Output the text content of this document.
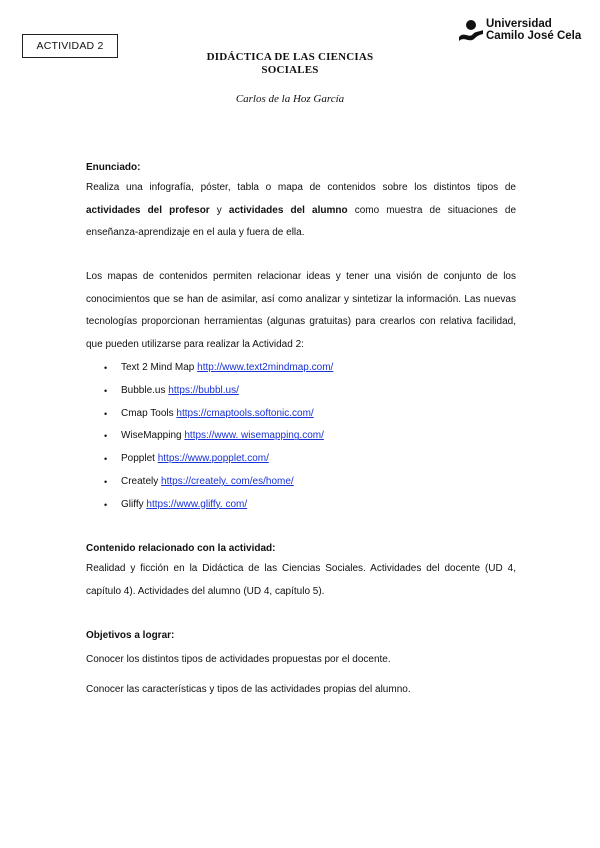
ACTIVIDAD 2
Universidad
Camilo José Cela
DIDÁCTICA DE LAS CIENCIAS
SOCIALES
Carlos de la Hoz García
Enunciado:
Realiza una infografía, póster, tabla o mapa de contenidos sobre los distintos tipos de actividades del profesor y actividades del alumno como muestra de situaciones de enseñanza-aprendizaje en el aula y fuera de ella.
Los mapas de contenidos permiten relacionar ideas y tener una visión de conjunto de los conocimientos que se han de asimilar, así como analizar y sintetizar la información. Las nuevas tecnologías proporcionan herramientas (algunas gratuitas) para crearlos con relativa facilidad, que pueden utilizarse para realizar la Actividad 2:
• Text 2 Mind Map http://www.text2mindmap.com/
• Bubble.us https://bubbl.us/
• Cmap Tools https://cmaptools.softonic.com/
• WiseMapping https://www. wisemapping.com/
• Popplet https://www.popplet.com/
• Creately https://creately. com/es/home/
• Gliffy https://www.gliffy. com/
Contenido relacionado con la actividad:
Realidad y ficción en la Didáctica de las Ciencias Sociales. Actividades del docente (UD 4, capítulo 4). Actividades del alumno (UD 4, capítulo 5).
Objetivos a lograr:
Conocer los distintos tipos de actividades propuestas por el docente.
Conocer las características y tipos de las actividades propias del alumno.
